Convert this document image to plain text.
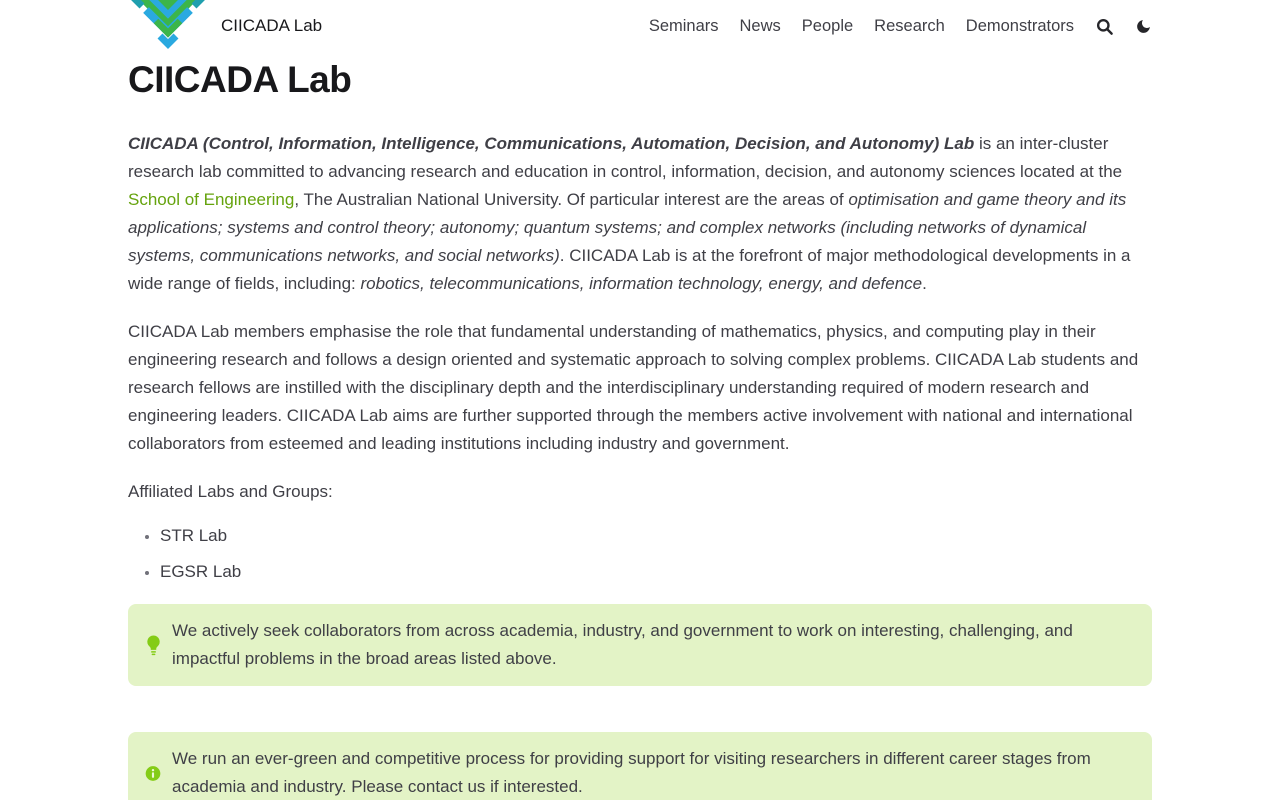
CIICADA Lab	Seminars News People Research Demonstrators
CIICADA Lab

CIICADA (Control, Information, Intelligence, Communications, Automation, Decision, and Autonomy) Lab is an inter-cluster research lab committed to advancing research and education in control, information, decision, and autonomy sciences located at the School of Engineering, The Australian National University. Of particular interest are the areas of optimisation and game theory and its applications; systems and control theory; autonomy; quantum systems; and complex networks (including networks of dynamical systems, communications networks, and social networks). CIICADA Lab is at the forefront of major methodological developments in a wide range of fields, including: robotics, telecommunications, information technology, energy, and defence.

CIICADA Lab members emphasise the role that fundamental understanding of mathematics, physics, and computing play in their engineering research and follows a design oriented and systematic approach to solving complex problems. CIICADA Lab students and research fellows are instilled with the disciplinary depth and the interdisciplinary understanding required of modern research and engineering leaders. CIICADA Lab aims are further supported through the members active involvement with national and international collaborators from esteemed and leading institutions including industry and government.

Affiliated Labs and Groups:

• STR Lab
• EGSR Lab

We actively seek collaborators from across academia, industry, and government to work on interesting, challenging, and impactful problems in the broad areas listed above.

We run an ever-green and competitive process for providing support for visiting researchers in different career stages from academia and industry. Please contact us if interested.
